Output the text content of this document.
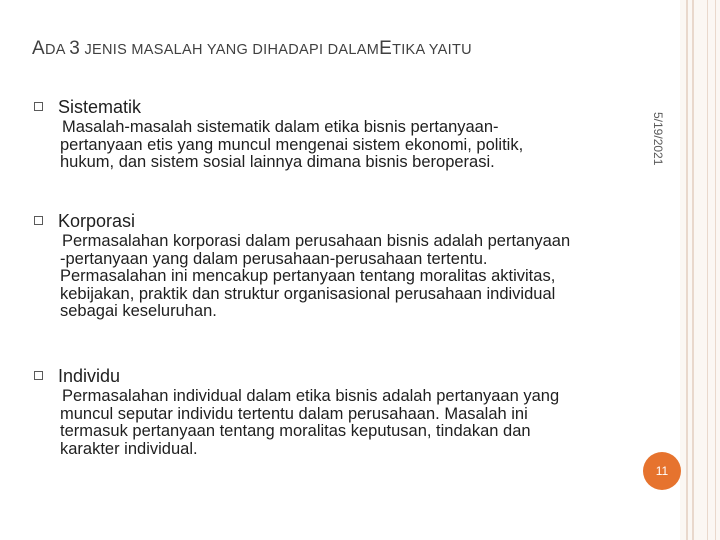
ADA 3 JENIS MASALAH YANG DIHADAPI DALAMETIKA YAITU
5/19/2021
Sistematik

Masalah-masalah sistematik dalam etika bisnis pertanyaan-

pertanyaan etis yang muncul mengenai sistem ekonomi, politik,

hukum, dan sistem sosial lainnya dimana bisnis beroperasi.

Korporasi

Permasalahan korporasi dalam perusahaan bisnis adalah pertanyaan

-pertanyaan yang dalam perusahaan-perusahaan tertentu.

Permasalahan ini mencakup pertanyaan tentang moralitas aktivitas,

kebijakan, praktik dan struktur organisasional perusahaan individual

sebagai keseluruhan.

Individu

Permasalahan individual dalam etika bisnis adalah pertanyaan yang

muncul seputar individu tertentu dalam perusahaan. Masalah ini

termasuk pertanyaan tentang moralitas keputusan, tindakan dan

karakter individual.

11
